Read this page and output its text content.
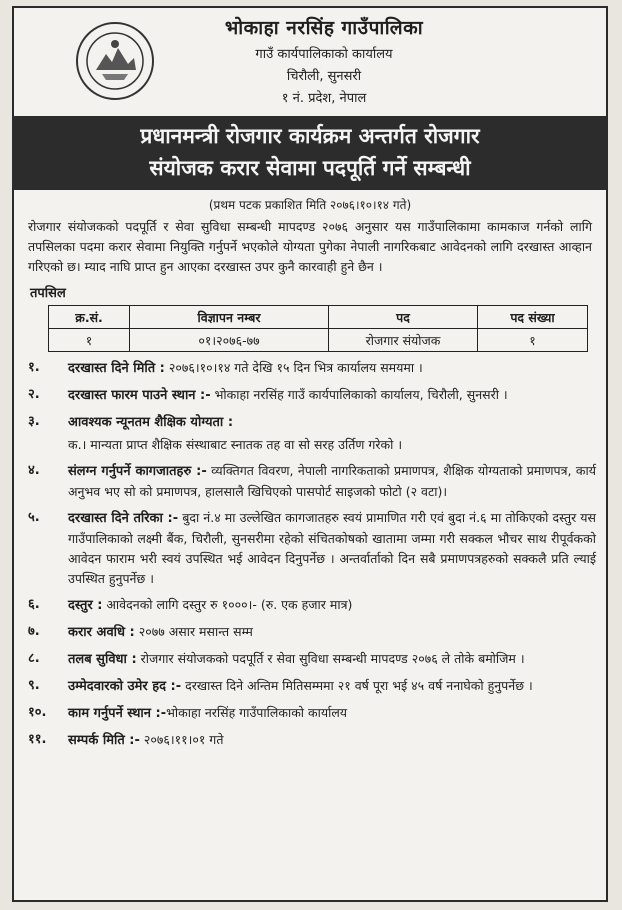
भोकाहा नरसिंह गाउँपालिका
गाउँ कार्यपालिकाको कार्यालय
चिरौली, सुनसरी
१ नं. प्रदेश, नेपाल
प्रधानमन्त्री रोजगार कार्यक्रम अन्तर्गत रोजगार
संयोजक करार सेवामा पदपूर्ति गर्ने सम्बन्धी
(प्रथम पटक प्रकाशित मिति २०७६।१०।१४ गते)
रोजगार संयोजकको पदपूर्ति र सेवा सुविधा सम्बन्धी मापदण्ड २०७६ अनुसार यस गाउँपालिकामा कामकाज गर्नको लागि तपसिलका पदमा करार सेवामा नियुक्ति गर्नुपर्ने भएकोले योग्यता पुगेका नेपाली नागरिकबाट आवेदनको लागि दरखास्त आव्हान गरिएको छ। म्याद नाघि प्राप्त हुन आएका दरखास्त उपर कुनै कारवाही हुने छैन ।
तपसिल
क्र.सं.	विज्ञापन नम्बर	पद	पद संख्या
१	०१।२०७६-७७	रोजगार संयोजक	१
१.	दरखास्त दिने मिति : २०७६।१०।१४ गते देखि १५ दिन भित्र कार्यालय समयमा ।
२.	दरखास्त फारम पाउने स्थान :- भोकाहा नरसिंह गाउँ कार्यपालिकाको कार्यालय, चिरौली, सुनसरी ।
३.	आवश्यक न्यूनतम शैक्षिक योग्यता :
क.। मान्यता प्राप्त शैक्षिक संस्थाबाट स्नातक तह वा सो सरह उर्तिण गरेको ।
४.	संलग्न गर्नुपर्ने कागजातहरु :- व्यक्तिगत विवरण, नेपाली नागरिकताको प्रमाणपत्र, शैक्षिक योग्यताको प्रमाणपत्र, कार्य अनुभव भए सो को प्रमाणपत्र, हालसालै खिचिएको पासपोर्ट साइजको फोटो (२ वटा)।
५.	दरखास्त दिने तरिका :- बुदा नं.४ मा उल्लेखित कागजातहरु स्वयं प्रामाणित गरी एवं बुदा नं.६ मा तोकिएको दस्तुर यस गाउँपालिकाको लक्ष्मी बैंक, चिरौली, सुनसरीमा रहेको संचितकोषको खातामा जम्मा गरी सक्कल भौचर साथ रीपूर्वकको आवेदन फाराम भरी स्वयं उपस्थित भई आवेदन दिनुपर्नेछ । अन्तर्वार्ताको दिन सबै प्रमाणपत्रहरुको सक्कलै प्रति ल्याई उपस्थित हुनुपर्नेछ ।
६.	दस्तुर : आवेदनको लागि दस्तुर रु १०००।- (रु. एक हजार मात्र)
७.	करार अवधि : २०७७ असार मसान्त सम्म
८.	तलब सुविधा : रोजगार संयोजकको पदपूर्ति र सेवा सुविधा सम्बन्धी मापदण्ड २०७६ ले तोके बमोजिम ।
९.	उम्मेदवारको उमेर हद :- दरखास्त दिने अन्तिम मितिसम्ममा २१ वर्ष पूरा भई ४५ वर्ष ननाघेको हुनुपर्नेछ ।
१०.	काम गर्नुपर्ने स्थान :-भोकाहा नरसिंह गाउँपालिकाको कार्यालय
११.	सम्पर्क मिति :- २०७६।११।०१ गते
